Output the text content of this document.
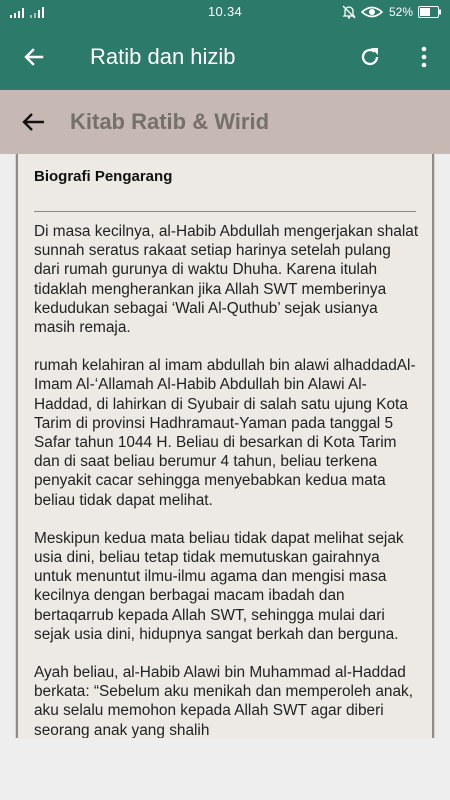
10.34	52%
Ratib dan hizib
Kitab Ratib & Wirid
Biografi Pengarang

Di masa kecilnya, al-Habib Abdullah mengerjakan shalat sunnah seratus rakaat setiap harinya setelah pulang dari rumah gurunya di waktu Dhuha. Karena itulah tidaklah mengherankan jika Allah SWT memberinya kedudukan sebagai ‘Wali Al-Quthub’ sejak usianya masih remaja.

rumah kelahiran al imam abdullah bin alawi alhaddadAl-Imam Al-‘Allamah Al-Habib Abdullah bin Alawi Al-Haddad, di lahirkan di Syubair di salah satu ujung Kota Tarim di provinsi Hadhramaut-Yaman pada tanggal 5 Safar tahun 1044 H. Beliau di besarkan di Kota Tarim dan di saat beliau berumur 4 tahun, beliau terkena penyakit cacar sehingga menyebabkan kedua mata beliau tidak dapat melihat.

Meskipun kedua mata beliau tidak dapat melihat sejak usia dini, beliau tetap tidak memutuskan gairahnya untuk menuntut ilmu-ilmu agama dan mengisi masa kecilnya dengan berbagai macam ibadah dan bertaqarrub kepada Allah SWT, sehingga mulai dari sejak usia dini, hidupnya sangat berkah dan berguna.

Ayah beliau, al-Habib Alawi bin Muhammad al-Haddad berkata: “Sebelum aku menikah dan memperoleh anak, aku selalu memohon kepada Allah SWT agar diberi seorang anak yang shalih
